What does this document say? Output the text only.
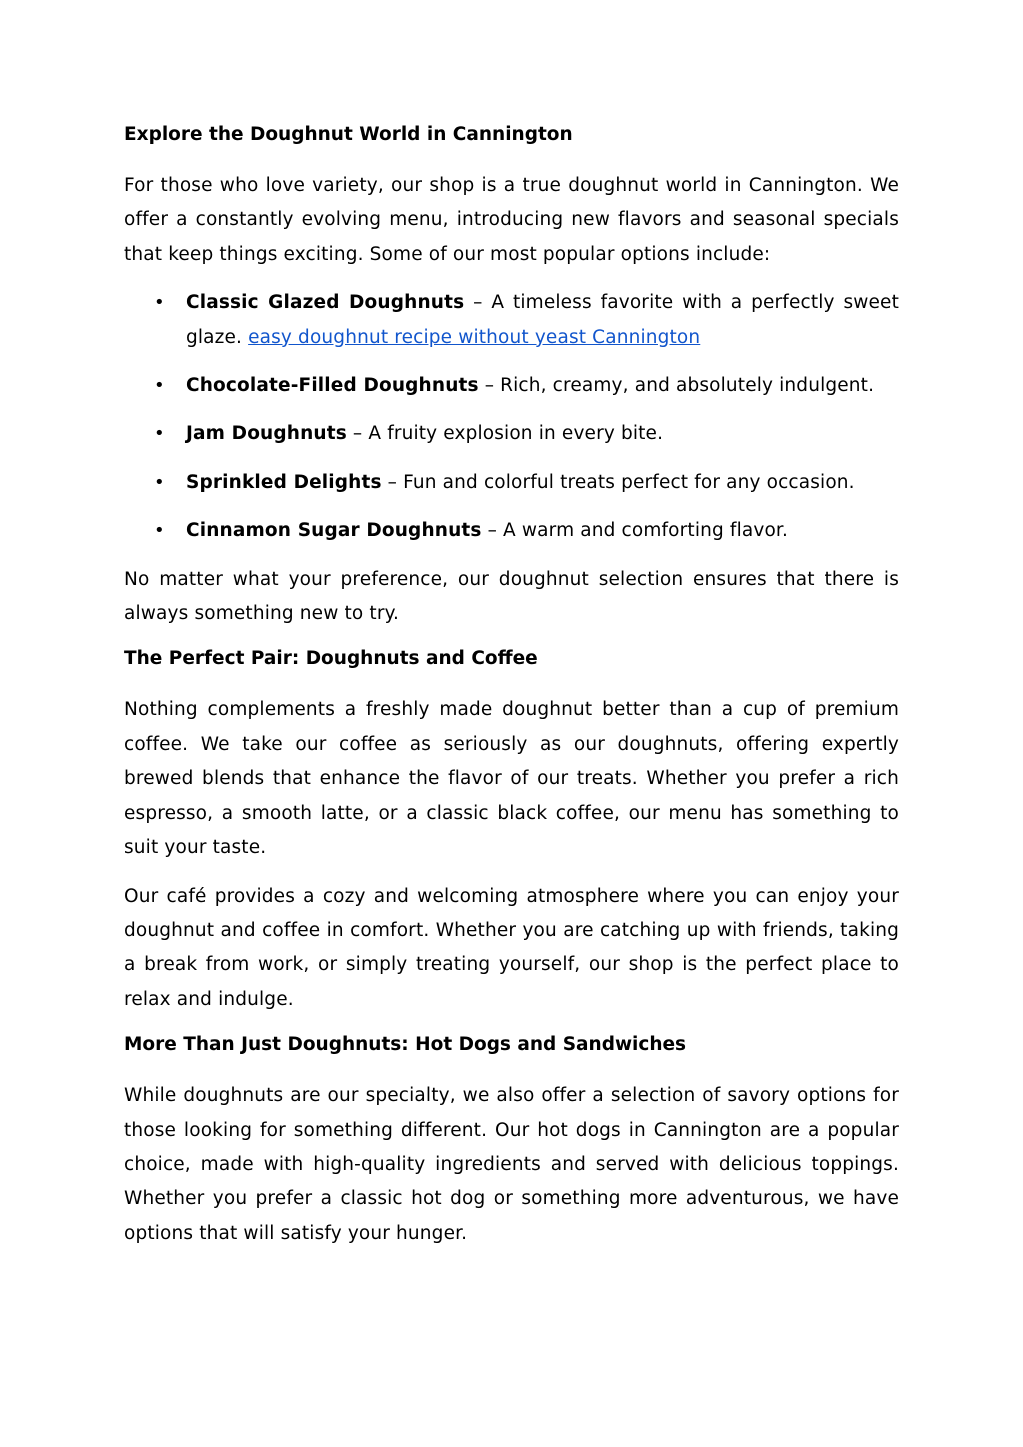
Explore the Doughnut World in Cannington

For those who love variety, our shop is a true doughnut world in Cannington. We offer a constantly evolving menu, introducing new flavors and seasonal specials that keep things exciting. Some of our most popular options include:

• Classic Glazed Doughnuts – A timeless favorite with a perfectly sweet glaze. easy doughnut recipe without yeast Cannington
• Chocolate-Filled Doughnuts – Rich, creamy, and absolutely indulgent.
• Jam Doughnuts – A fruity explosion in every bite.
• Sprinkled Delights – Fun and colorful treats perfect for any occasion.
• Cinnamon Sugar Doughnuts – A warm and comforting flavor.

No matter what your preference, our doughnut selection ensures that there is always something new to try.

The Perfect Pair: Doughnuts and Coffee

Nothing complements a freshly made doughnut better than a cup of premium coffee. We take our coffee as seriously as our doughnuts, offering expertly brewed blends that enhance the flavor of our treats. Whether you prefer a rich espresso, a smooth latte, or a classic black coffee, our menu has something to suit your taste.

Our café provides a cozy and welcoming atmosphere where you can enjoy your doughnut and coffee in comfort. Whether you are catching up with friends, taking a break from work, or simply treating yourself, our shop is the perfect place to relax and indulge.

More Than Just Doughnuts: Hot Dogs and Sandwiches

While doughnuts are our specialty, we also offer a selection of savory options for those looking for something different. Our hot dogs in Cannington are a popular choice, made with high-quality ingredients and served with delicious toppings. Whether you prefer a classic hot dog or something more adventurous, we have options that will satisfy your hunger.
